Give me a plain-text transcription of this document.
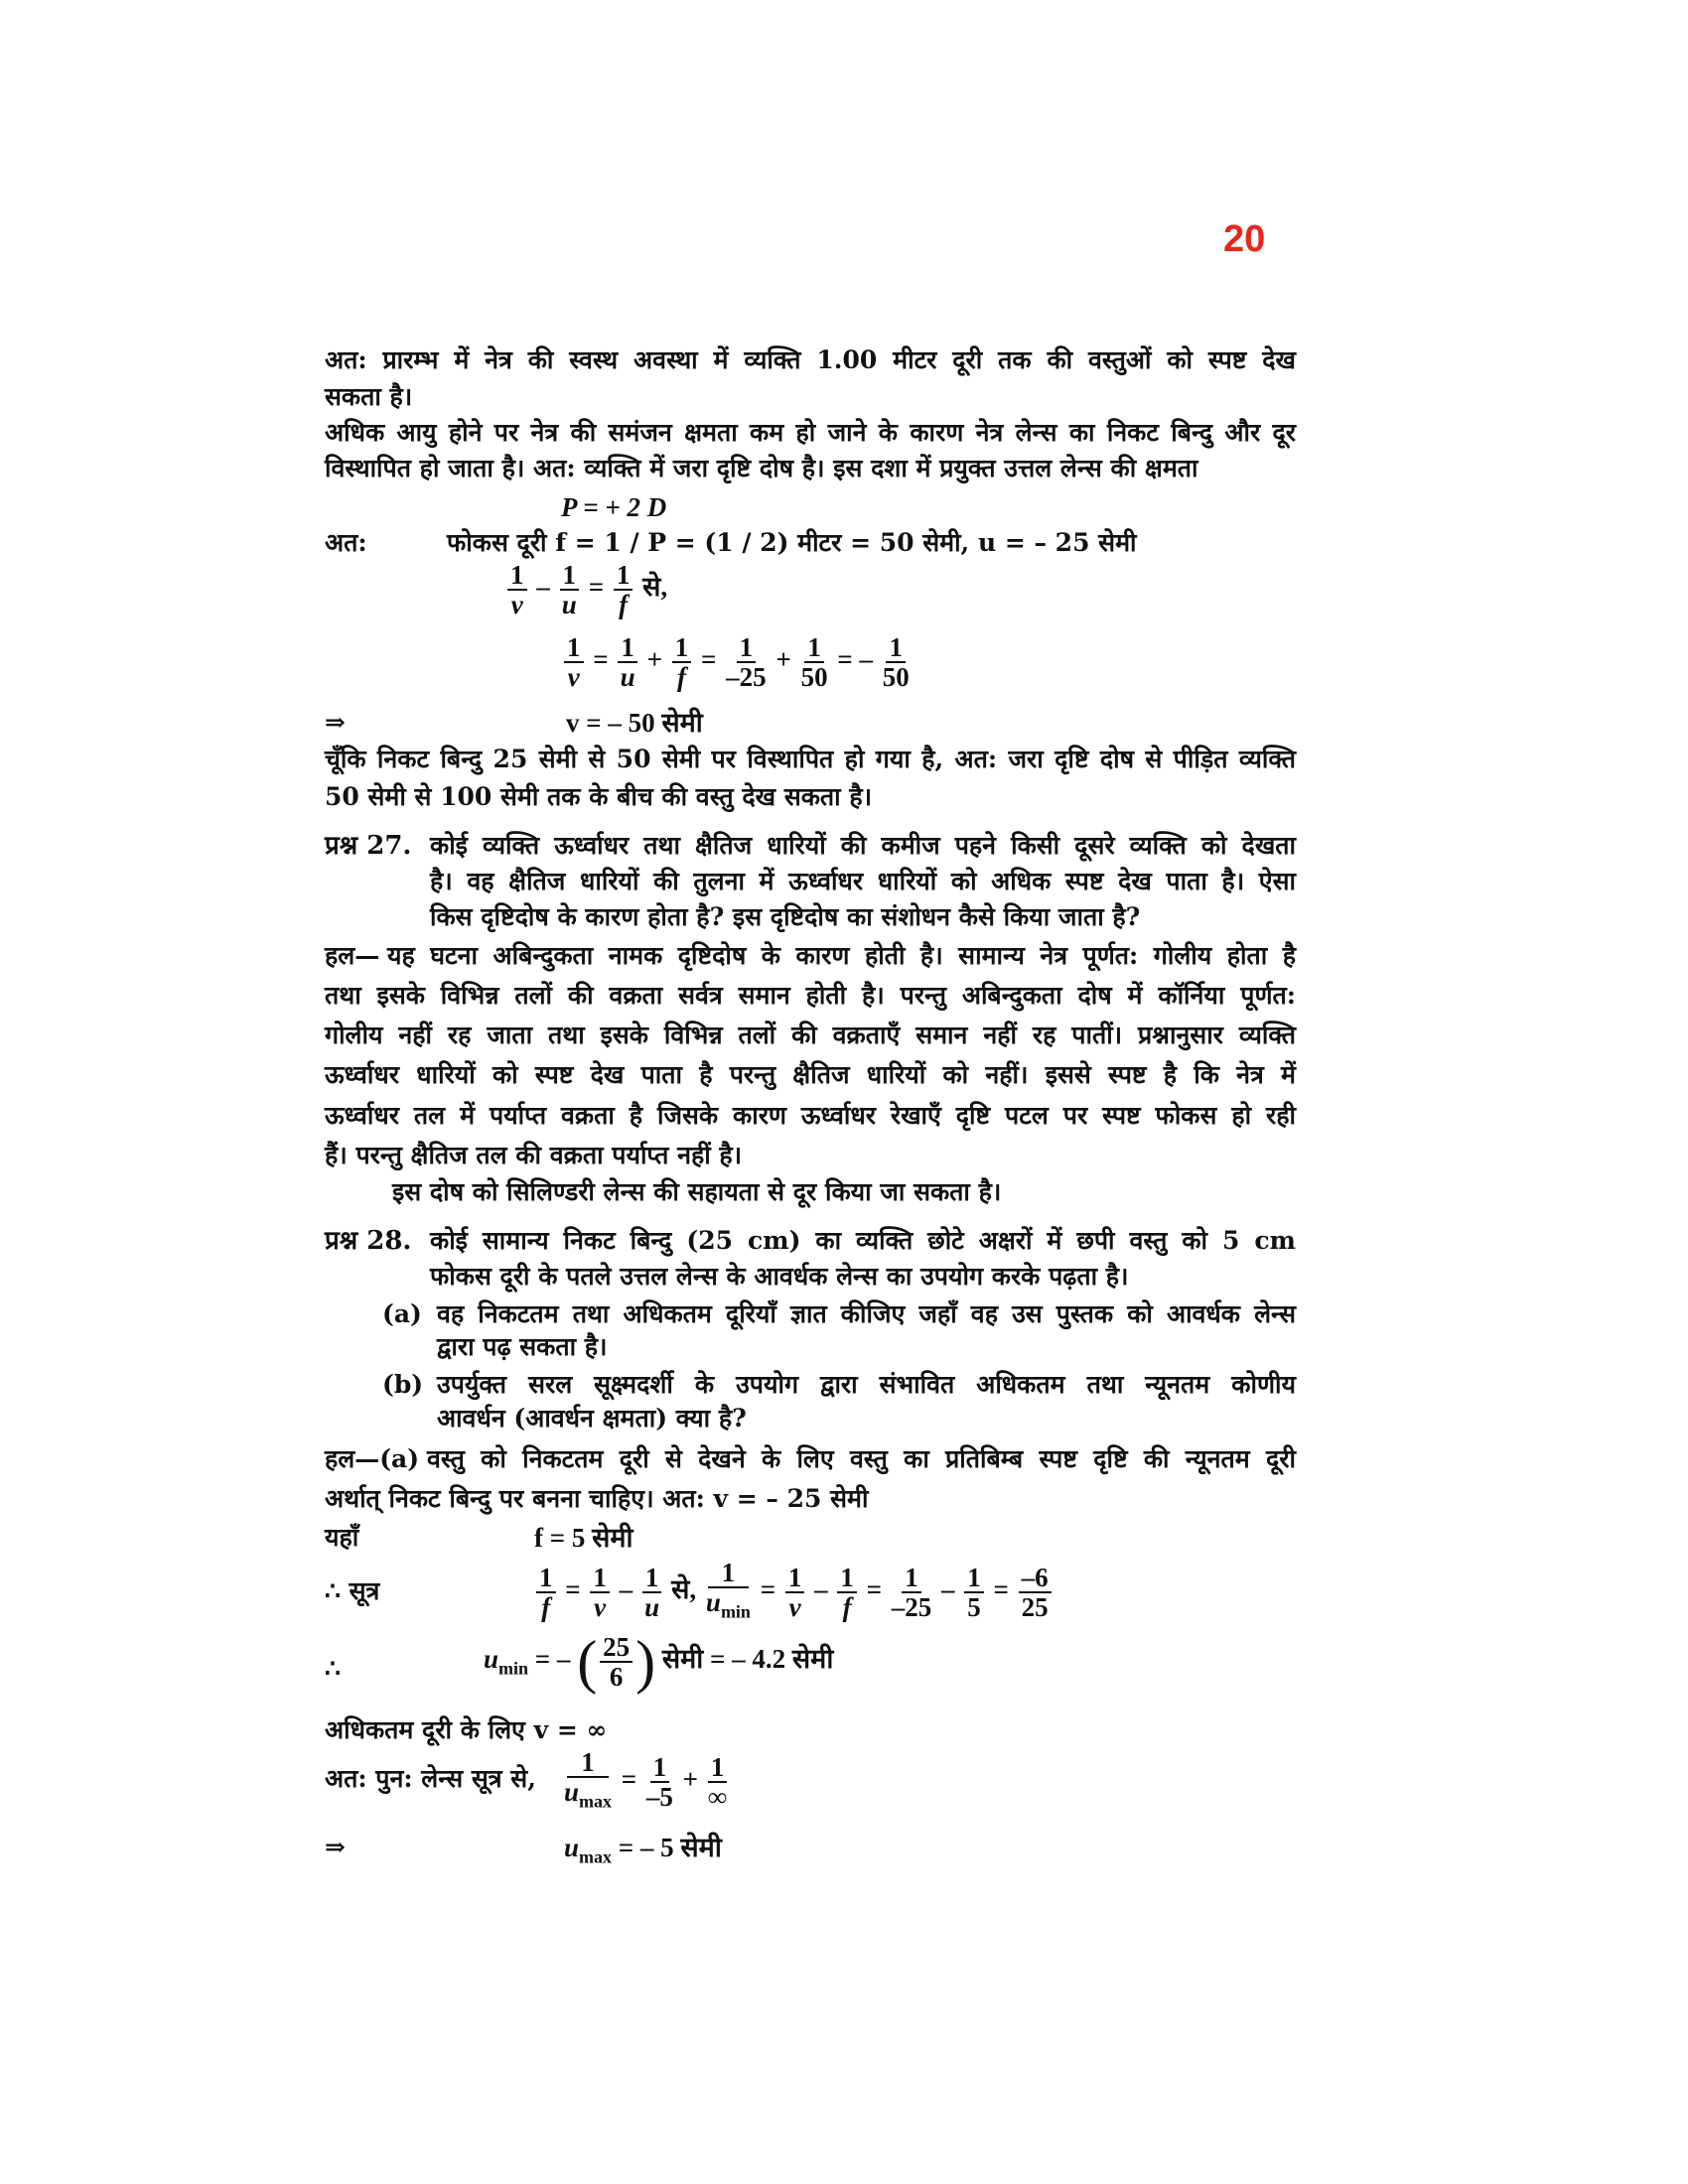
20
अत: प्रारम्भ में नेत्र की स्वस्थ अवस्था में व्यक्ति 1.00 मीटर दूरी तक की वस्तुओं को स्पष्ट देख
सकता है।
अधिक आयु होने पर नेत्र की समंजन क्षमता कम हो जाने के कारण नेत्र लेन्स का निकट बिन्दु और दूर
विस्थापित हो जाता है। अत: व्यक्ति में जरा दृष्टि दोष है। इस दशा में प्रयुक्त उत्तल लेन्स की क्षमता
P = + 2 D
अत:	फोकस दूरी f = 1 / P = (1 / 2) मीटर = 50 सेमी, u = – 25 सेमी
$\frac{1}{v} - \frac{1}{u} = \frac{1}{f}$ से,
$\frac{1}{v} = \frac{1}{u} + \frac{1}{f} = \frac{1}{-25} + \frac{1}{50}$ = – $\frac{1}{50}$
⇒	v = – 50 सेमी
चूँकि निकट बिन्दु 25 सेमी से 50 सेमी पर विस्थापित हो गया है, अत: जरा दृष्टि दोष से पीड़ित व्यक्ति
50 सेमी से 100 सेमी तक के बीच की वस्तु देख सकता है।
प्रश्न 27. कोई व्यक्ति ऊर्ध्वाधर तथा क्षैतिज धारियों की कमीज पहने किसी दूसरे व्यक्ति को देखता
है। वह क्षैतिज धारियों की तुलना में ऊर्ध्वाधर धारियों को अधिक स्पष्ट देख पाता है। ऐसा
किस दृष्टिदोष के कारण होता है? इस दृष्टिदोष का संशोधन कैसे किया जाता है?
हल— यह घटना अबिन्दुकता नामक दृष्टिदोष के कारण होती है। सामान्य नेत्र पूर्णत: गोलीय होता है
तथा इसके विभिन्न तलों की वक्रता सर्वत्र समान होती है। परन्तु अबिन्दुकता दोष में कॉर्निया पूर्णत:
गोलीय नहीं रह जाता तथा इसके विभिन्न तलों की वक्रताएँ समान नहीं रह पातीं। प्रश्नानुसार व्यक्ति
ऊर्ध्वाधर धारियों को स्पष्ट देख पाता है परन्तु क्षैतिज धारियों को नहीं। इससे स्पष्ट है कि नेत्र में
ऊर्ध्वाधर तल में पर्याप्त वक्रता है जिसके कारण ऊर्ध्वाधर रेखाएँ दृष्टि पटल पर स्पष्ट फोकस हो रही
हैं। परन्तु क्षैतिज तल की वक्रता पर्याप्त नहीं है।
इस दोष को सिलिण्डरी लेन्स की सहायता से दूर किया जा सकता है।
प्रश्न 28. कोई सामान्य निकट बिन्दु (25 cm) का व्यक्ति छोटे अक्षरों में छपी वस्तु को 5 cm
फोकस दूरी के पतले उत्तल लेन्स के आवर्धक लेन्स का उपयोग करके पढ़ता है।
(a) वह निकटतम तथा अधिकतम दूरियाँ ज्ञात कीजिए जहाँ वह उस पुस्तक को आवर्धक लेन्स
द्वारा पढ़ सकता है।
(b) उपर्युक्त सरल सूक्ष्मदर्शी के उपयोग द्वारा संभावित अधिकतम तथा न्यूनतम कोणीय
आवर्धन (आवर्धन क्षमता) क्या है?
हल—(a) वस्तु को निकटतम दूरी से देखने के लिए वस्तु का प्रतिबिम्ब स्पष्ट दृष्टि की न्यूनतम दूरी
अर्थात् निकट बिन्दु पर बनना चाहिए। अत: v = – 25 सेमी
यहाँ	f = 5 सेमी
∴ सूत्र	$\frac{1}{f} = \frac{1}{v} - \frac{1}{u}$ से,
1
$u_{min}$
= $\frac{1}{v} - \frac{1}{f} = \frac{1}{-25} - \frac{1}{5} = \frac{-6}{25}$
∴	$u_{min}$ = – ( $\frac{25}{6}$ ) सेमी = – 4.2 सेमी
अधिकतम दूरी के लिए v = ∞
अत: पुन: लेन्स सूत्र से,
1
$u_{max}$
= $\frac{1}{-5} + 1$
∞
⇒	$u_{max}$ = – 5 सेमी
